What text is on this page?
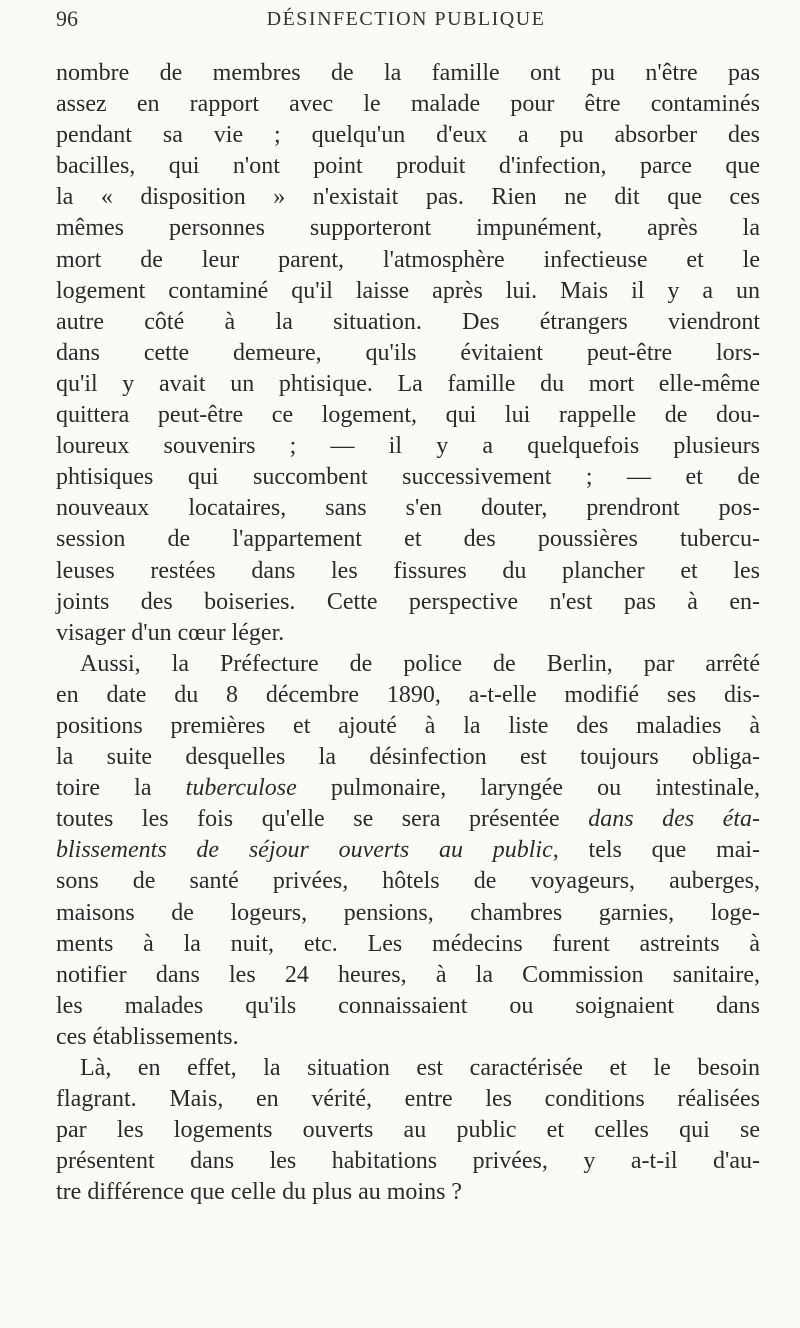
96	DÉSINFECTION PUBLIQUE
nombre de membres de la famille ont pu n'être pas
assez en rapport avec le malade pour être contaminés
pendant sa vie ; quelqu'un d'eux a pu absorber des
bacilles, qui n'ont point produit d'infection, parce que
la « disposition » n'existait pas. Rien ne dit que ces
mêmes personnes supporteront impunément, après la
mort de leur parent, l'atmosphère infectieuse et le
logement contaminé qu'il laisse après lui. Mais il y a un
autre côté à la situation. Des étrangers viendront
dans cette demeure, qu'ils évitaient peut-être lors-
qu'il y avait un phtisique. La famille du mort elle-même
quittera peut-être ce logement, qui lui rappelle de dou-
loureux souvenirs ; — il y a quelquefois plusieurs
phtisiques qui succombent successivement ; — et de
nouveaux locataires, sans s'en douter, prendront pos-
session de l'appartement et des poussières tubercu-
leuses restées dans les fissures du plancher et les
joints des boiseries. Cette perspective n'est pas à en-
visager d'un cœur léger.
Aussi, la Préfecture de police de Berlin, par arrêté
en date du 8 décembre 1890, a-t-elle modifié ses dis-
positions premières et ajouté à la liste des maladies à
la suite desquelles la désinfection est toujours obliga-
toire la tuberculose pulmonaire, laryngée ou intestinale,
toutes les fois qu'elle se sera présentée dans des éta-
blissements de séjour ouverts au public, tels que mai-
sons de santé privées, hôtels de voyageurs, auberges,
maisons de logeurs, pensions, chambres garnies, loge-
ments à la nuit, etc. Les médecins furent astreints à
notifier dans les 24 heures, à la Commission sanitaire,
les malades qu'ils connaissaient ou soignaient dans
ces établissements.
Là, en effet, la situation est caractérisée et le besoin
flagrant. Mais, en vérité, entre les conditions réalisées
par les logements ouverts au public et celles qui se
présentent dans les habitations privées, y a-t-il d'au-
tre différence que celle du plus au moins ?
